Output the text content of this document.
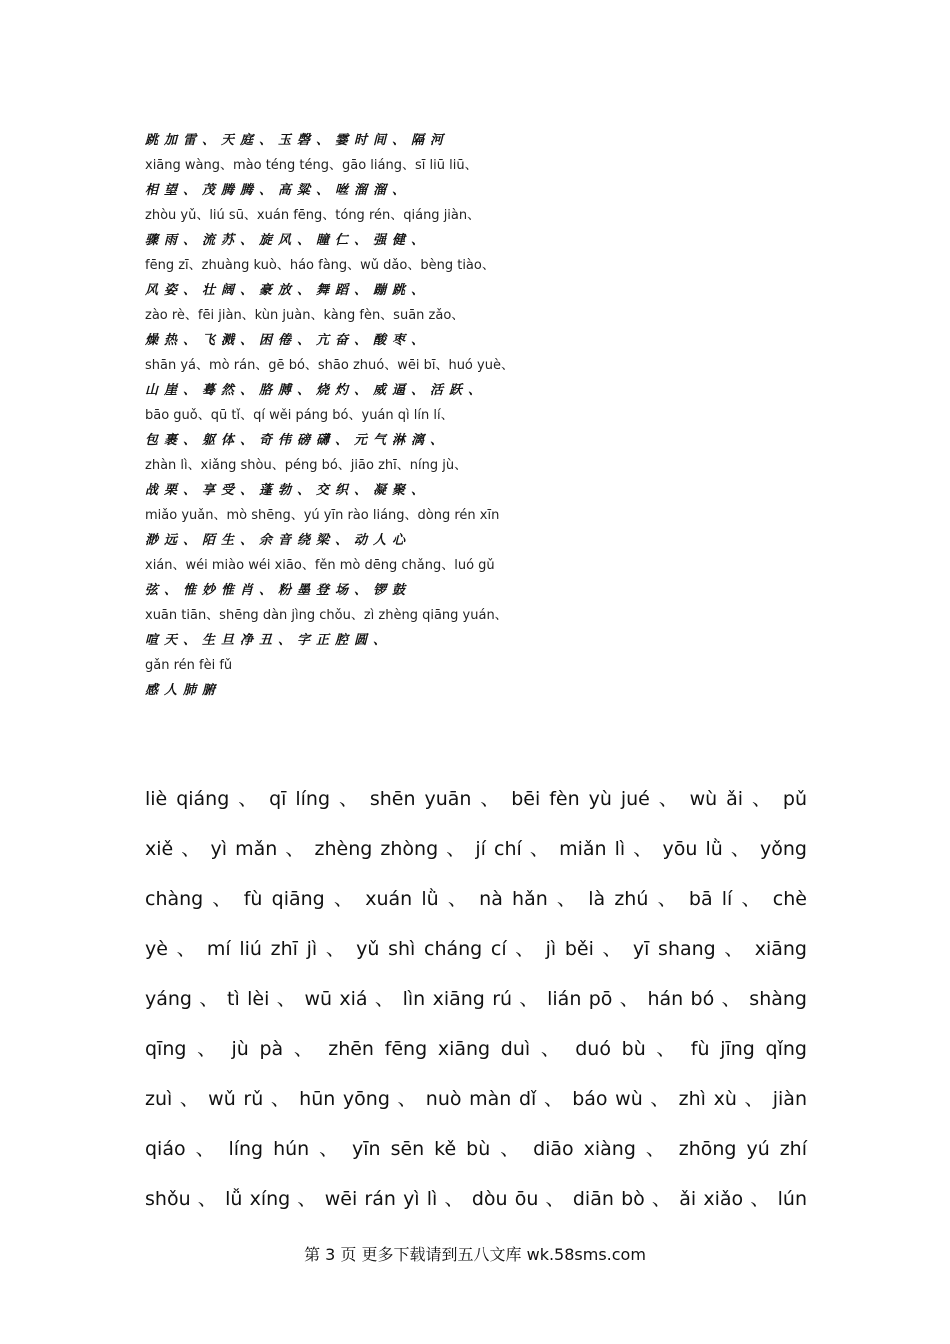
跳加雷、天庭、玉磬、霎时间、隔河
xiāng wàng、mào téng téng、gāo liáng、sī liū liū、
相望、茂腾腾、高粱、咝溜溜、
zhòu yǔ、liú sū、xuán fēng、tóng rén、qiáng jiàn、
骤雨、流苏、旋风、瞳仁、强健、
fēng zī、zhuàng kuò、háo fàng、wǔ dǎo、bèng tiào、
风姿、壮阔、豪放、舞蹈、蹦跳、
zào rè、fēi jiàn、kùn juàn、kàng fèn、suān zǎo、
燥热、飞溅、困倦、亢奋、酸枣、
shān yá、mò rán、gē bó、shāo zhuó、wēi bī、huó yuè、
山崖、蓦然、胳膊、烧灼、威逼、活跃、
bāo guǒ、qū tǐ、qí wěi páng bó、yuán qì lín lí、
包裹、躯体、奇伟磅礴、元气淋漓、
zhàn lì、xiǎng shòu、péng bó、jiāo zhī、níng jù、
战栗、享受、蓬勃、交织、凝聚、
miǎo yuǎn、mò shēng、yú yīn rào liáng、dòng rén xīn
渺远、陌生、余音绕梁、动人心
xián、wéi miào wéi xiāo、fěn mò dēng chǎng、luó gǔ
弦、惟妙惟肖、粉墨登场、锣鼓
xuān tiān、shēng dàn jìng chǒu、zì zhèng qiāng yuán、
喧天、生旦净丑、字正腔圆、
gǎn rén fèi fǔ
感人肺腑
liè qiáng 、 qī líng 、 shēn yuān 、 bēi fèn yù jué 、 wù ǎi 、 pǔ
xiě 、 yì mǎn 、 zhèng zhòng 、 jí chí 、 miǎn lì 、 yōu lǜ 、 yǒng
chàng 、 fù qiāng 、 xuán lǜ 、 nà hǎn 、 là zhú 、 bā lí 、 chè
yè 、 mí liú zhī jì 、 yǔ shì cháng cí 、 jì běi 、 yī shang 、 xiāng
yáng 、 tì lèi 、 wū xiá 、 lìn xiāng rú 、 lián pō 、 hán bó 、 shàng
qīng 、 jù pà 、 zhēn fēng xiāng duì 、 duó bù 、 fù jīng qǐng
zuì 、 wǔ rǔ 、 hūn yōng 、 nuò màn dǐ 、 báo wù 、 zhì xù 、 jiàn
qiáo 、 líng hún 、 yīn sēn kě bù 、 diāo xiàng 、 zhōng yú zhí
shǒu 、 lǚ xíng 、 wēi rán yì lì 、 dòu ōu 、 diān bò 、 ǎi xiǎo 、 lún
第 3 页 更多下载请到五八文库 wk.58sms.com
